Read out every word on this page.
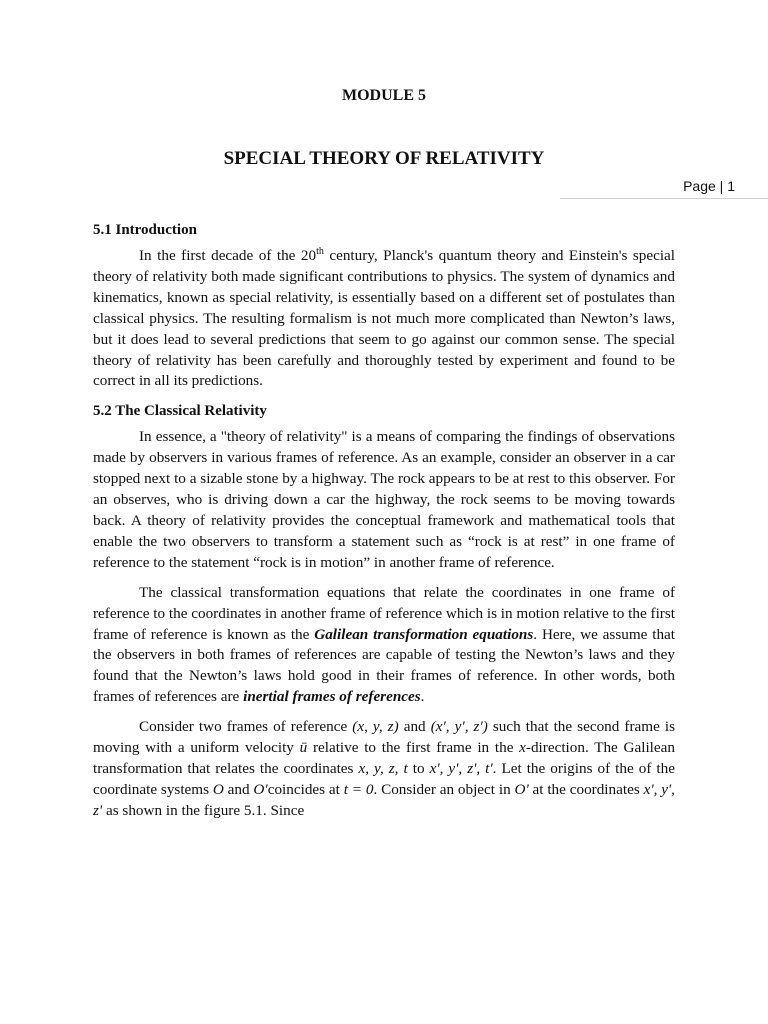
MODULE 5
SPECIAL THEORY OF RELATIVITY
Page | 1
5.1 Introduction

In the first decade of the 20th century, Planck's quantum theory and Einstein's special theory of relativity both made significant contributions to physics. The system of dynamics and kinematics, known as special relativity, is essentially based on a different set of postulates than classical physics. The resulting formalism is not much more complicated than Newton’s laws, but it does lead to several predictions that seem to go against our common sense. The special theory of relativity has been carefully and thoroughly tested by experiment and found to be correct in all its predictions.

5.2 The Classical Relativity

In essence, a "theory of relativity" is a means of comparing the findings of observations made by observers in various frames of reference. As an example, consider an observer in a car stopped next to a sizable stone by a highway. The rock appears to be at rest to this observer. For an observes, who is driving down a car the highway, the rock seems to be moving towards back. A theory of relativity provides the conceptual framework and mathematical tools that enable the two observers to transform a statement such as “rock is at rest” in one frame of reference to the statement “rock is in motion” in another frame of reference.

The classical transformation equations that relate the coordinates in one frame of reference to the coordinates in another frame of reference which is in motion relative to the first frame of reference is known as the Galilean transformation equations. Here, we assume that the observers in both frames of references are capable of testing the Newton’s laws and they found that the Newton’s laws hold good in their frames of reference. In other words, both frames of references are inertial frames of references.

Consider two frames of reference (x, y, z) and (x′, y′, z′) such that the second frame is moving with a uniform velocity ū relative to the first frame in the x-direction. The Galilean transformation that relates the coordinates x, y, z, t to x', y', z', t'. Let the origins of the of the coordinate systems O and O′coincides at t = 0. Consider an object in O' at the coordinates x', y', z' as shown in the figure 5.1. Since
